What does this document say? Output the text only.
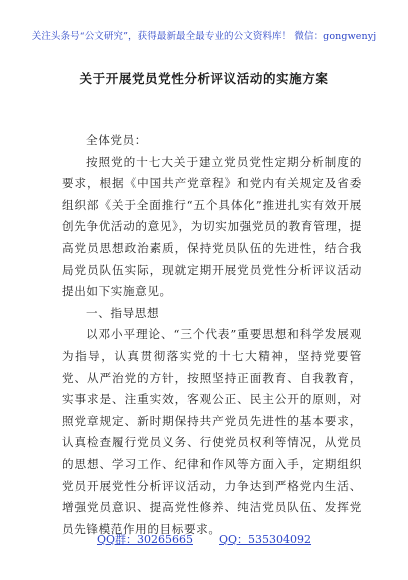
关注头条号“公文研究”，获得最新最全最专业的公文资料库！ 微信：gongwenyj
关于开展党员党性分析评议活动的实施方案

全体党员：

按照党的十七大关于建立党员党性定期分析制度的要求，根据《中国共产党章程》和党内有关规定及省委组织部《关于全面推行“五个具体化”推进扎实有效开展创先争优活动的意见》，为切实加强党员的教育管理，提高党员思想政治素质，保持党员队伍的先进性，结合我局党员队伍实际，现就定期开展党员党性分析评议活动提出如下实施意见。

一、指导思想

以邓小平理论、“三个代表”重要思想和科学发展观为指导，认真贯彻落实党的十七大精神，坚持党要管党、从严治党的方针，按照坚持正面教育、自我教育，实事求是、注重实效，客观公正、民主公开的原则，对照党章规定、新时期保持共产党员先进性的基本要求，认真检查履行党员义务、行使党员权利等情况，从党员的思想、学习工作、纪律和作风等方面入手，定期组织党员开展党性分析评议活动，力争达到严格党内生活、增强党员意识、提高党性修养、纯洁党员队伍、发挥党员先锋模范作用的目标要求。

QQ群：30265665 QQ：535304092
